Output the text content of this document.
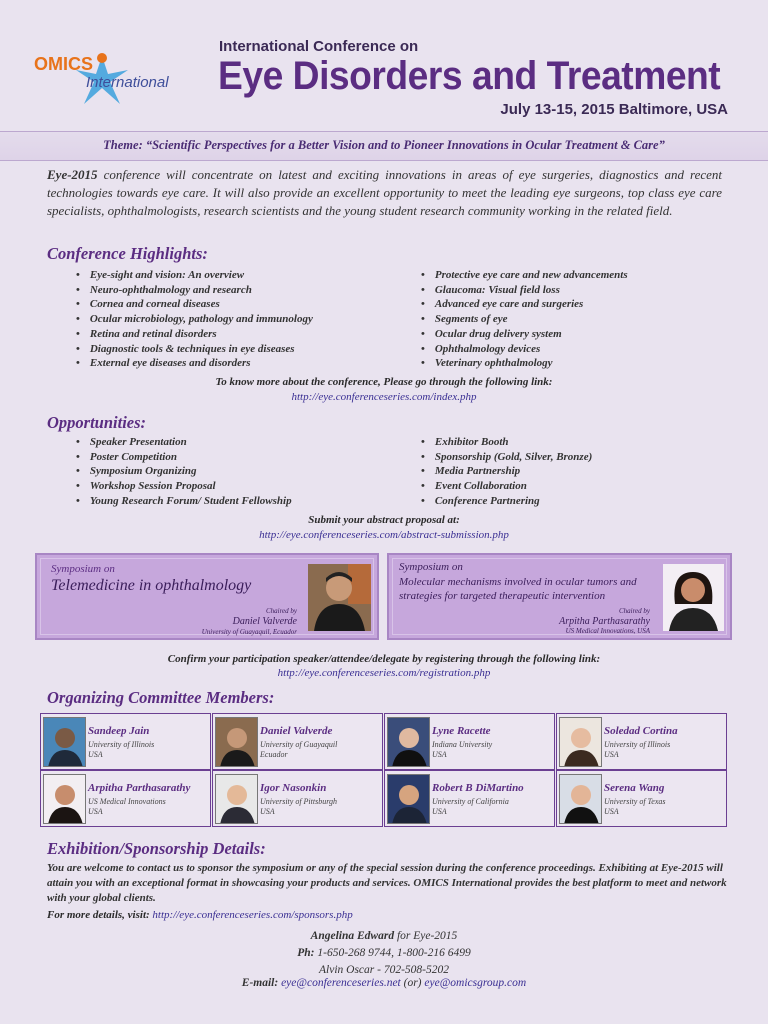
OMICS
International
International Conference on
Eye Disorders and Treatment
July 13-15, 2015 Baltimore, USA
Theme: “Scientific Perspectives for a Better Vision and to Pioneer Innovations in Ocular Treatment & Care”
Eye-2015 conference will concentrate on latest and exciting innovations in areas of eye surgeries, diagnostics and recent technologies towards eye care. It will also provide an excellent opportunity to meet the leading eye surgeons, top class eye care specialists, ophthalmologists, research scientists and the young student research community working in the related field.
Conference Highlights:
• Eye-sight and vision: An overview
• Neuro-ophthalmology and research
• Cornea and corneal diseases
• Ocular microbiology, pathology and immunology
• Retina and retinal disorders
• Diagnostic tools & techniques in eye diseases
• External eye diseases and disorders
• Protective eye care and new advancements
• Glaucoma: Visual field loss
• Advanced eye care and surgeries
• Segments of eye
• Ocular drug delivery system
• Ophthalmology devices
• Veterinary ophthalmology
To know more about the conference, Please go through the following link:
http://eye.conferenceseries.com/index.php
Opportunities:
• Speaker Presentation
• Poster Competition
• Symposium Organizing
• Workshop Session Proposal
• Young Research Forum/ Student Fellowship
• Exhibitor Booth
• Sponsorship (Gold, Silver, Bronze)
• Media Partnership
• Event Collaboration
• Conference Partnering
Submit your abstract proposal at:
http://eye.conferenceseries.com/abstract-submission.php
Symposium on
Telemedicine in ophthalmology
Chaired by
Daniel Valverde
University of Guayaquil, Ecuador
Symposium on
Molecular mechanisms involved in ocular tumors and strategies for targeted therapeutic intervention
Chaired by
Arpitha Parthasarathy
US Medical Innovations, USA
Confirm your participation speaker/attendee/delegate by registering through the following link:
http://eye.conferenceseries.com/registration.php
Organizing Committee Members:
Sandeep Jain
University of Illinois
USA
Daniel Valverde
University of Guayaquil
Ecuador
Lyne Racette
Indiana University
USA
Soledad Cortina
University of Illinois
USA
Arpitha Parthasarathy
US Medical Innovations
USA
Igor Nasonkin
University of Pittsburgh
USA
Robert B DiMartino
University of California
USA
Serena Wang
University of Texas
USA
Exhibition/Sponsorship Details:
You are welcome to contact us to sponsor the symposium or any of the special session during the conference proceedings. Exhibiting at Eye-2015 will attain you with an exceptional format in showcasing your products and services. OMICS International provides the best platform to meet and network with your global clients.
For more details, visit: http://eye.conferenceseries.com/sponsors.php
Angelina Edward for Eye-2015
Ph: 1-650-268 9744, 1-800-216 6499
Alvin Oscar - 702-508-5202
E-mail: eye@conferenceseries.net (or) eye@omicsgroup.com
